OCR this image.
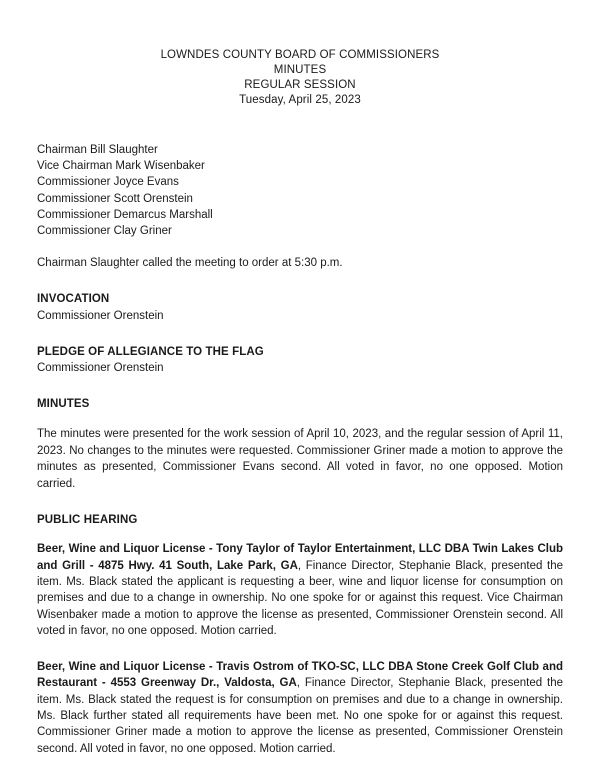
LOWNDES COUNTY BOARD OF COMMISSIONERS
MINUTES
REGULAR SESSION
Tuesday, April 25, 2023
Chairman Bill Slaughter
Vice Chairman Mark Wisenbaker
Commissioner Joyce Evans
Commissioner Scott Orenstein
Commissioner Demarcus Marshall
Commissioner Clay Griner
Chairman Slaughter called the meeting to order at 5:30 p.m.
INVOCATION
Commissioner Orenstein
PLEDGE OF ALLEGIANCE TO THE FLAG
Commissioner Orenstein
MINUTES
The minutes were presented for the work session of April 10, 2023, and the regular session of April 11, 2023. No changes to the minutes were requested. Commissioner Griner made a motion to approve the minutes as presented, Commissioner Evans second. All voted in favor, no one opposed. Motion carried.
PUBLIC HEARING
Beer, Wine and Liquor License - Tony Taylor of Taylor Entertainment, LLC DBA Twin Lakes Club and Grill - 4875 Hwy. 41 South, Lake Park, GA, Finance Director, Stephanie Black, presented the item. Ms. Black stated the applicant is requesting a beer, wine and liquor license for consumption on premises and due to a change in ownership. No one spoke for or against this request. Vice Chairman Wisenbaker made a motion to approve the license as presented, Commissioner Orenstein second. All voted in favor, no one opposed. Motion carried.
Beer, Wine and Liquor License - Travis Ostrom of TKO-SC, LLC DBA Stone Creek Golf Club and Restaurant - 4553 Greenway Dr., Valdosta, GA, Finance Director, Stephanie Black, presented the item. Ms. Black stated the request is for consumption on premises and due to a change in ownership. Ms. Black further stated all requirements have been met. No one spoke for or against this request. Commissioner Griner made a motion to approve the license as presented, Commissioner Orenstein second. All voted in favor, no one opposed. Motion carried.
